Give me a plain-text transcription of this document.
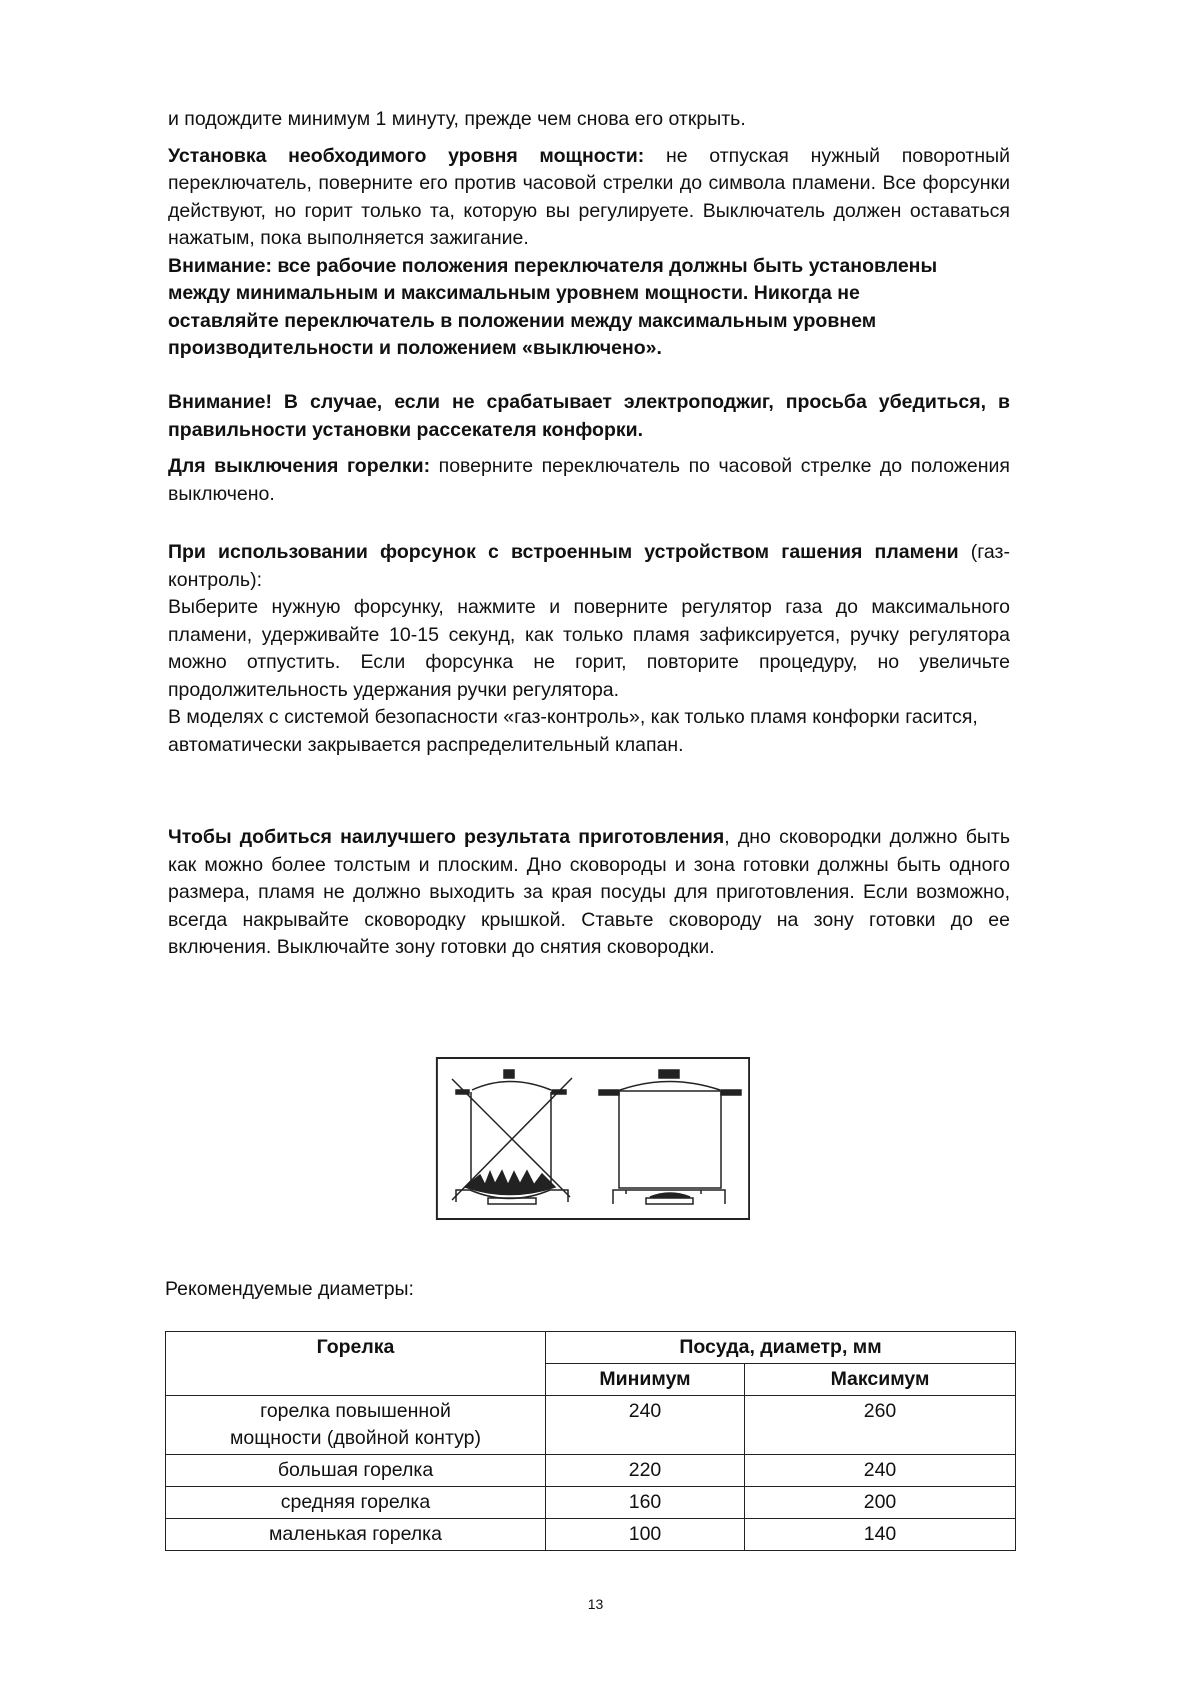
и подождите минимум 1 минуту, прежде чем снова его открыть.

Установка необходимого уровня мощности: не отпуская нужный поворотный переключатель, поверните его против часовой стрелки до символа пламени. Все форсунки действуют, но горит только та, которую вы регулируете. Выключатель должен оставаться нажатым, пока выполняется зажигание.

Внимание: все рабочие положения переключателя должны быть установлены между минимальным и максимальным уровнем мощности. Никогда не оставляйте переключатель в положении между максимальным уровнем производительности и положением «выключено».

Внимание! В случае, если не срабатывает электроподжиг, просьба убедиться, в правильности установки рассекателя конфорки.

Для выключения горелки: поверните переключатель по часовой стрелке до положения выключено.

При использовании форсунок с встроенным устройством гашения пламени (газ-контроль):

Выберите нужную форсунку, нажмите и поверните регулятор газа до максимального пламени, удерживайте 10-15 секунд, как только пламя зафиксируется, ручку регулятора можно отпустить. Если форсунка не горит, повторите процедуру, но увеличьте продолжительность удержания ручки регулятора.

В моделях с системой безопасности «газ-контроль», как только пламя конфорки гасится, автоматически закрывается распределительный клапан.

Чтобы добиться наилучшего результата приготовления, дно сковородки должно быть как можно более толстым и плоским. Дно сковороды и зона готовки должны быть одного размера, пламя не должно выходить за края посуды для приготовления. Если возможно, всегда накрывайте сковородку крышкой. Ставьте сковороду на зону готовки до ее включения. Выключайте зону готовки до снятия сковородки.

Рекомендуемые диаметры:
Горелка	Посуда, диаметр, мм	
	Минимум	Максимум
горелка повышенной мощности (двойной контур)	240	260
большая горелка	220	240
средняя горелка	160	200
маленькая горелка	100	140
13
